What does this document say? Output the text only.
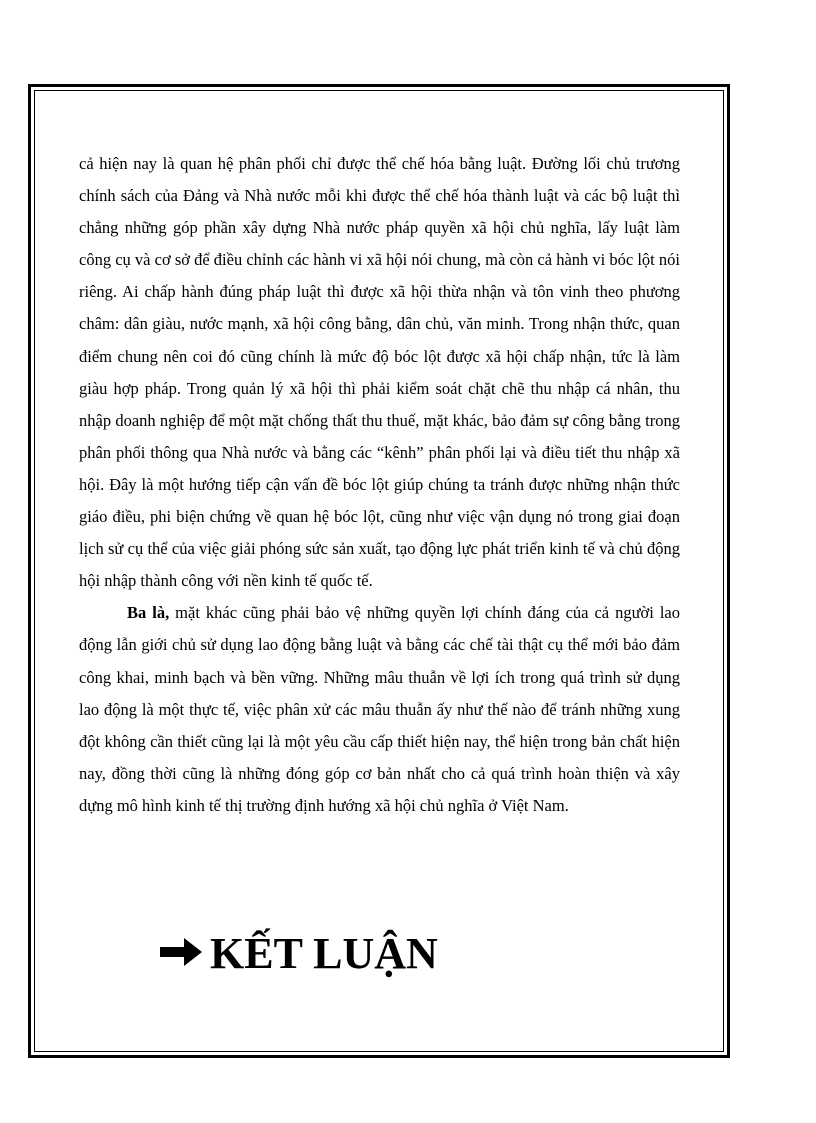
cả hiện nay là quan hệ phân phối chỉ được thể chế hóa bằng luật. Đường lối chủ trương chính sách của Đảng và Nhà nước mỗi khi được thể chế hóa thành luật và các bộ luật thì chẳng những góp phần xây dựng Nhà nước pháp quyền xã hội chủ nghĩa, lấy luật làm công cụ và cơ sở để điều chỉnh các hành vi xã hội nói chung, mà còn cả hành vi bóc lột nói riêng. Ai chấp hành đúng pháp luật thì được xã hội thừa nhận và tôn vinh theo phương châm: dân giàu, nước mạnh, xã hội công bằng, dân chủ, văn minh. Trong nhận thức, quan điểm chung nên coi đó cũng chính là mức độ bóc lột được xã hội chấp nhận, tức là làm giàu hợp pháp. Trong quản lý xã hội thì phải kiểm soát chặt chẽ thu nhập cá nhân, thu nhập doanh nghiệp để một mặt chống thất thu thuế, mặt khác, bảo đảm sự công bằng trong phân phối thông qua Nhà nước và bằng các “kênh” phân phối lại và điều tiết thu nhập xã hội. Đây là một hướng tiếp cận vấn đề bóc lột giúp chúng ta tránh được những nhận thức giáo điều, phi biện chứng về quan hệ bóc lột, cũng như việc vận dụng nó trong giai đoạn lịch sử cụ thể của việc giải phóng sức sản xuất, tạo động lực phát triển kinh tế và chủ động hội nhập thành công với nền kinh tế quốc tế.

Ba là, mặt khác cũng phải bảo vệ những quyền lợi chính đáng của cả người lao động lẫn giới chủ sử dụng lao động bằng luật và bằng các chế tài thật cụ thể mới bảo đảm công khai, minh bạch và bền vững. Những mâu thuẫn về lợi ích trong quá trình sử dụng lao động là một thực tế, việc phân xử các mâu thuẫn ấy như thế nào để tránh những xung đột không cần thiết cũng lại là một yêu cầu cấp thiết hiện nay, thể hiện trong bản chất hiện nay, đồng thời cũng là những đóng góp cơ bản nhất cho cả quá trình hoàn thiện và xây dựng mô hình kinh tế thị trường định hướng xã hội chủ nghĩa ở Việt Nam.

KẾT LUẬN
